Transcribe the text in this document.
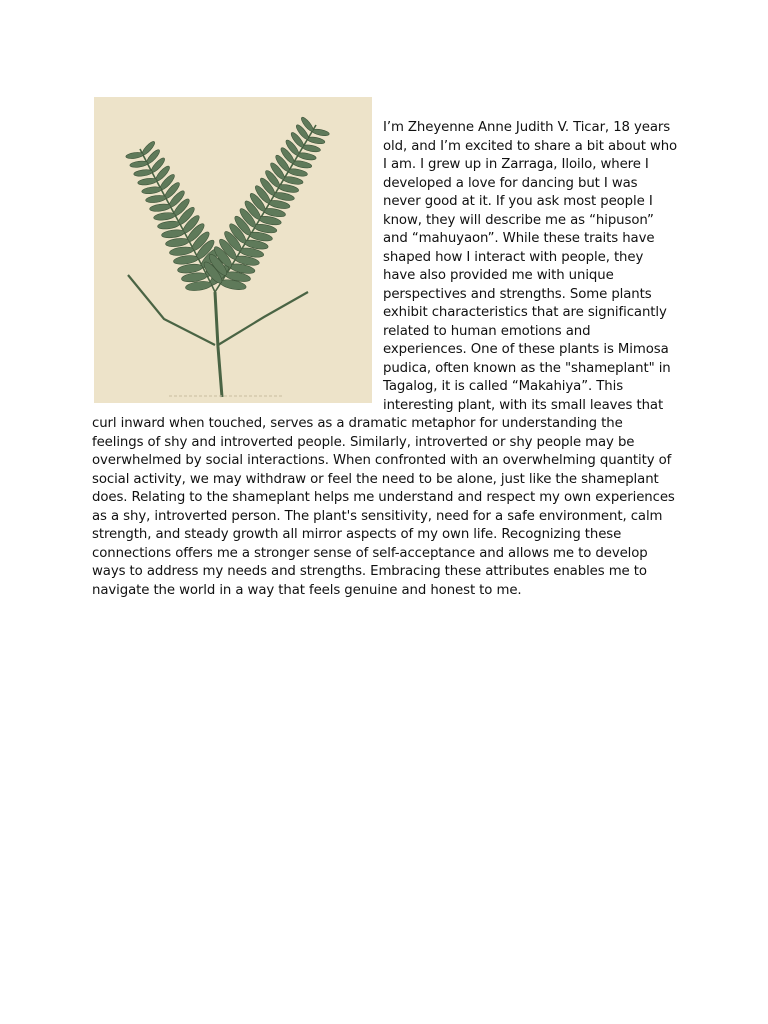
I’m Zheyenne Anne Judith V. Ticar, 18 years old, and I’m excited to share a bit about who I am. I grew up in Zarraga, Iloilo, where I developed a love for dancing but I was never good at it. If you ask most people I know, they will describe me as “hipuson” and “mahuyaon”. While these traits have shaped how I interact with people, they have also provided me with unique perspectives and strengths. Some plants exhibit characteristics that are significantly related to human emotions and experiences. One of these plants is Mimosa pudica, often known as the "shameplant" in Tagalog, it is called “Makahiya”. This interesting plant, with its small leaves that curl inward when touched, serves as a dramatic metaphor for understanding the feelings of shy and introverted people. Similarly, introverted or shy people may be overwhelmed by social interactions. When confronted with an overwhelming quantity of social activity, we may withdraw or feel the need to be alone, just like the shameplant does. Relating to the shameplant helps me understand and respect my own experiences as a shy, introverted person. The plant's sensitivity, need for a safe environment, calm strength, and steady growth all mirror aspects of my own life. Recognizing these connections offers me a stronger sense of self-acceptance and allows me to develop ways to address my needs and strengths. Embracing these attributes enables me to navigate the world in a way that feels genuine and honest to me.
